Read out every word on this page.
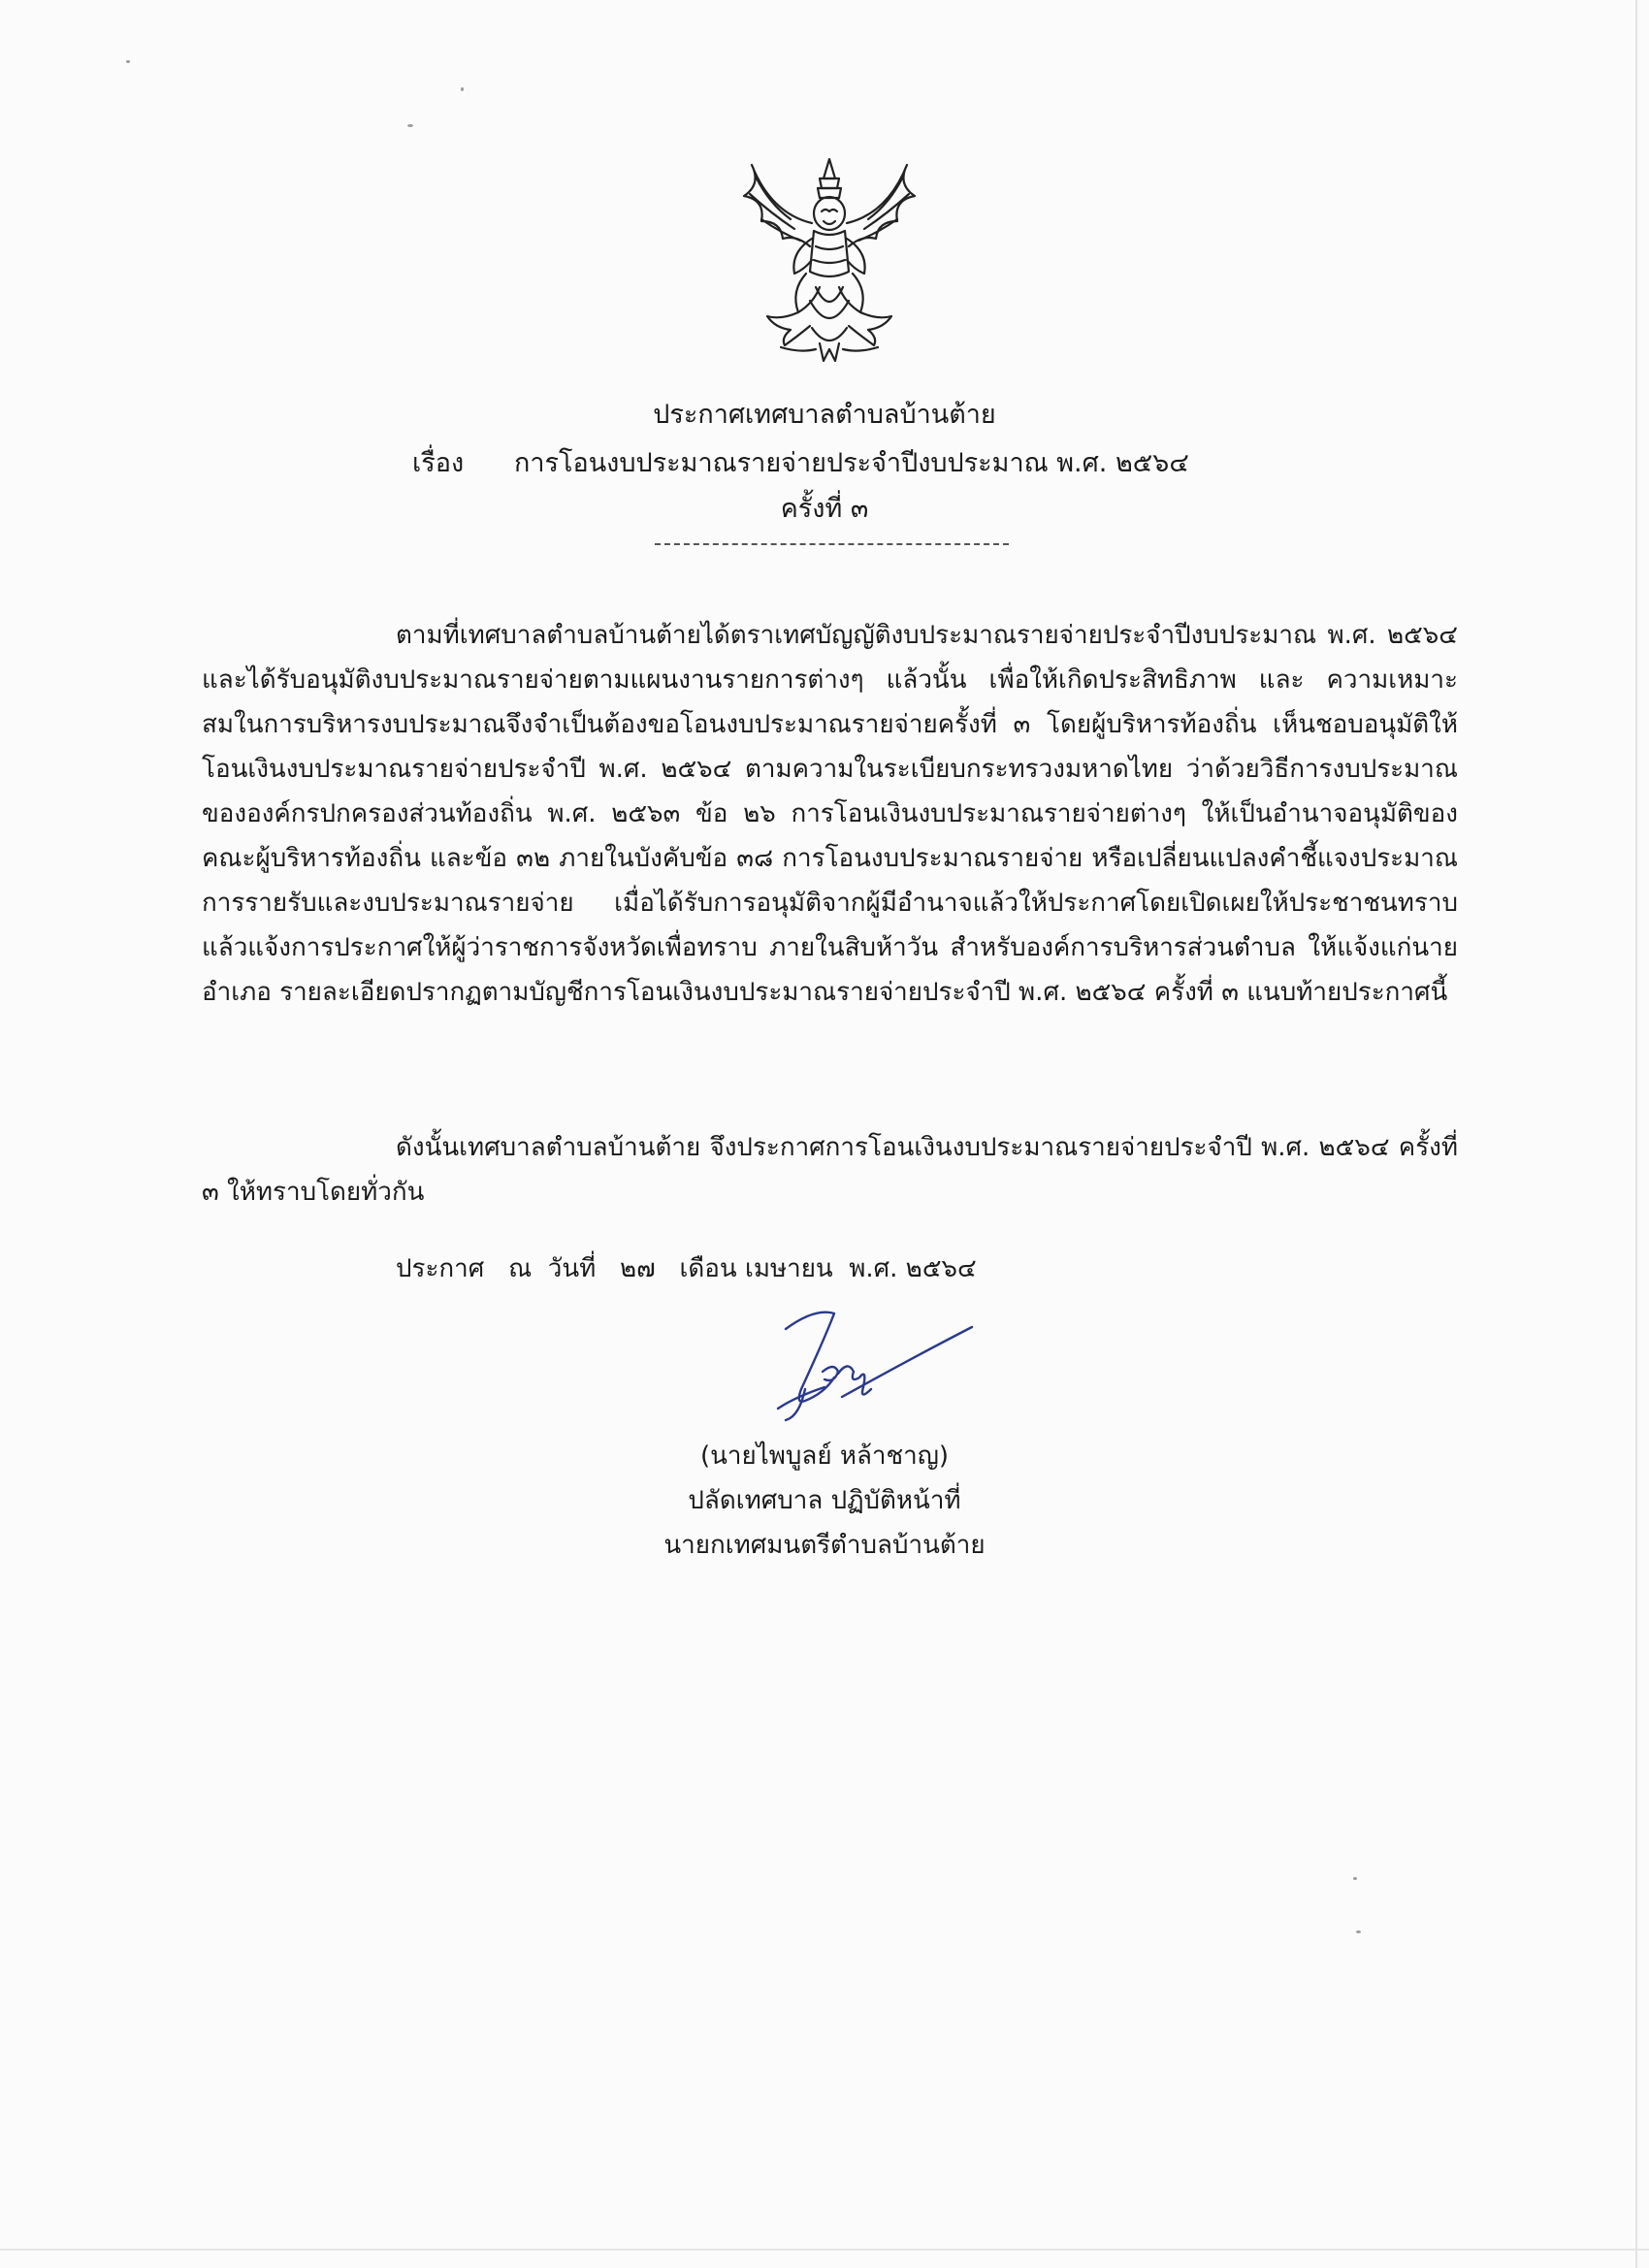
ประกาศเทศบาลตำบลบ้านต้าย
เรื่อง การโอนงบประมาณรายจ่ายประจำปีงบประมาณ พ.ศ. ๒๕๖๔
ครั้งที่ ๓
ตามที่เทศบาลตำบลบ้านต้ายได้ตราเทศบัญญัติงบประมาณรายจ่ายประจำปีงบประมาณ พ.ศ. ๒๕๖๔ และได้รับอนุมัติงบประมาณรายจ่ายตามแผนงานรายการต่างๆ แล้วนั้น เพื่อให้เกิดประสิทธิภาพ และ ความเหมาะสมในการบริหารงบประมาณจึงจำเป็นต้องขอโอนงบประมาณรายจ่ายครั้งที่ ๓ โดยผู้บริหารท้องถิ่น เห็นชอบอนุมัติให้โอนเงินงบประมาณรายจ่ายประจำปี พ.ศ. ๒๕๖๔ ตามความในระเบียบกระทรวงมหาดไทย ว่าด้วยวิธีการงบประมาณขององค์กรปกครองส่วนท้องถิ่น พ.ศ. ๒๕๖๓ ข้อ ๒๖ การโอนเงินงบประมาณรายจ่ายต่างๆ ให้เป็นอำนาจอนุมัติของคณะผู้บริหารท้องถิ่น และข้อ ๓๒ ภายในบังคับข้อ ๓๘ การโอนงบประมาณรายจ่าย หรือเปลี่ยนแปลงคำชี้แจงประมาณการรายรับและงบประมาณรายจ่าย เมื่อได้รับการอนุมัติจากผู้มีอำนาจแล้วให้ประกาศโดยเปิดเผยให้ประชาชนทราบ แล้วแจ้งการประกาศให้ผู้ว่าราชการจังหวัดเพื่อทราบ ภายในสิบห้าวัน สำหรับองค์การบริหารส่วนตำบล ให้แจ้งแก่นายอำเภอ รายละเอียดปรากฏตามบัญชีการโอนเงินงบประมาณรายจ่ายประจำปี พ.ศ. ๒๕๖๔ ครั้งที่ ๓ แนบท้ายประกาศนี้
ดังนั้นเทศบาลตำบลบ้านต้าย จึงประกาศการโอนเงินงบประมาณรายจ่ายประจำปี พ.ศ. ๒๕๖๔ ครั้งที่ ๓ ให้ทราบโดยทั่วกัน
ประกาศ   ณ  วันที่   ๒๗   เดือน เมษายน  พ.ศ. ๒๕๖๔
(นายไพบูลย์ หล้าชาญ)
ปลัดเทศบาล ปฏิบัติหน้าที่
นายกเทศมนตรีตำบลบ้านต้าย
